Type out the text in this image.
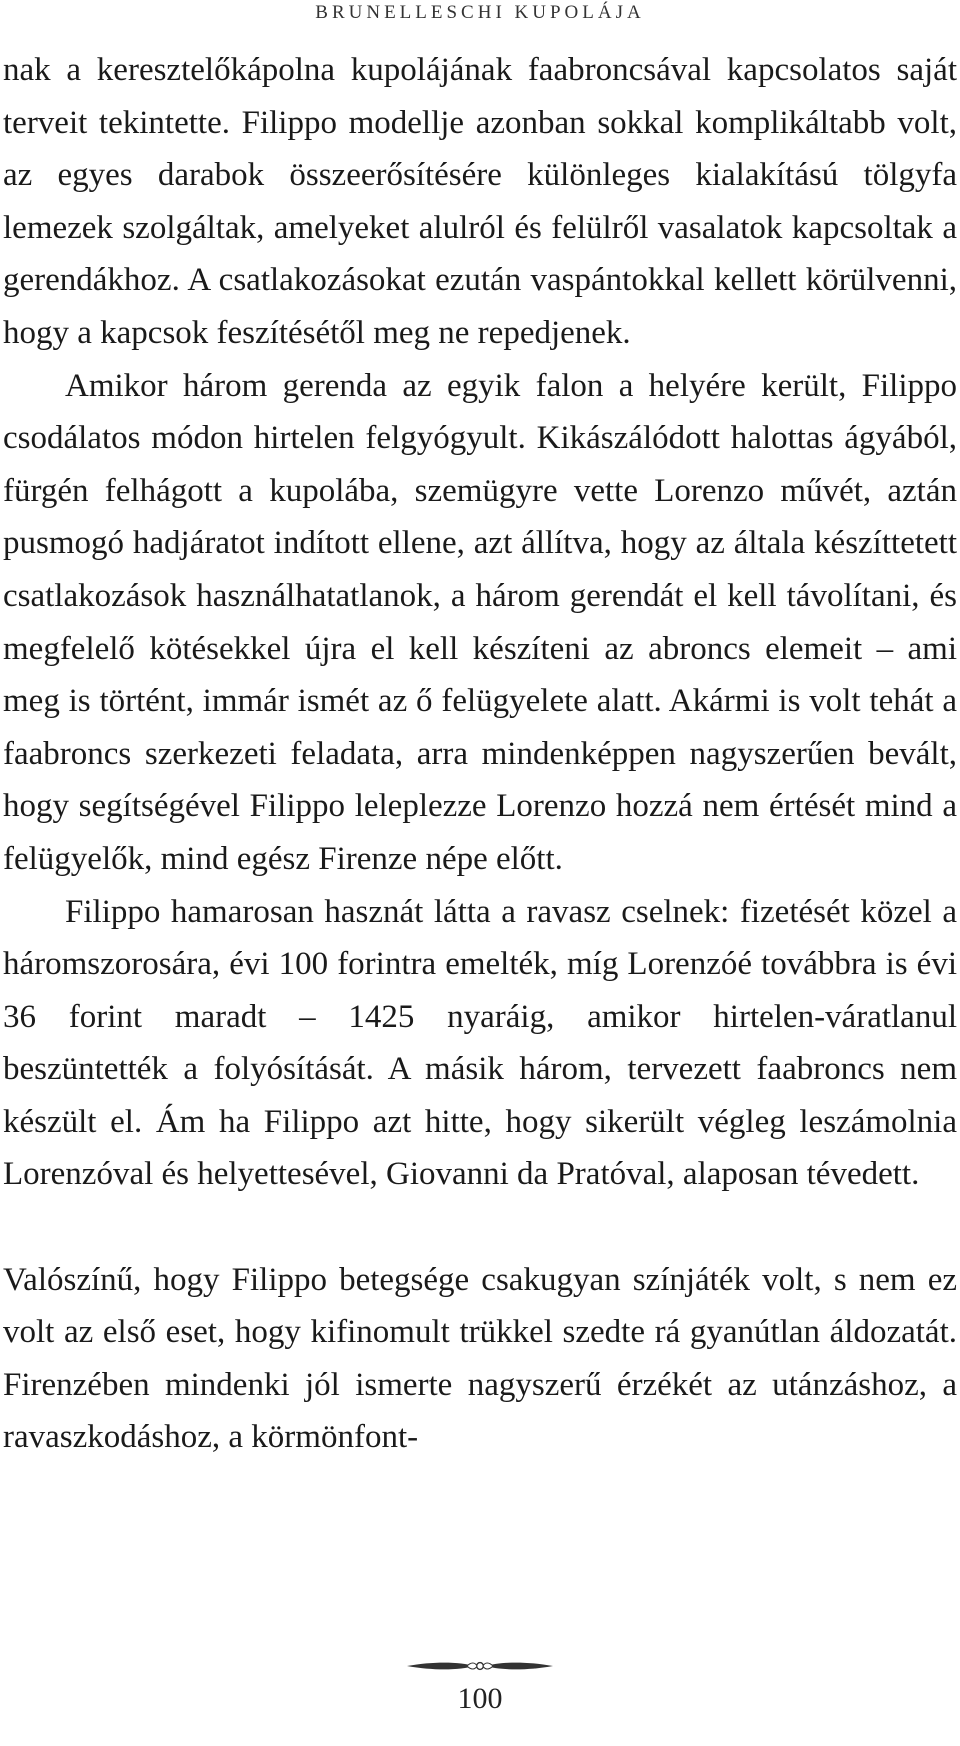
BRUNELLESCHI KUPOLÁJA

nak a keresztelőkápolna kupolájának faabroncsával kapcsolatos saját terveit tekintette. Filippo modellje azonban sokkal komplikáltabb volt, az egyes darabok összeerősítésére különleges kialakítású tölgyfa lemezek szolgáltak, amelyeket alulról és felülről vasalatok kapcsoltak a gerendákhoz. A csatlakozásokat ezután vaspántokkal kellett körülvenni, hogy a kapcsok feszítésétől meg ne repedjenek.

Amikor három gerenda az egyik falon a helyére került, Filippo csodálatos módon hirtelen felgyógyult. Kikászálódott halottas ágyából, fürgén felhágott a kupolába, szemügyre vette Lorenzo művét, aztán pusmogó hadjáratot indított ellene, azt állítva, hogy az általa készíttetett csatlakozások használhatatlanok, a három gerendát el kell távolítani, és megfelelő kötésekkel újra el kell készíteni az abroncs elemeit – ami meg is történt, immár ismét az ő felügyelete alatt. Akármi is volt tehát a faabroncs szerkezeti feladata, arra mindenképpen nagyszerűen bevált, hogy segítségével Filippo leleplezze Lorenzo hozzá nem értését mind a felügyelők, mind egész Firenze népe előtt.

Filippo hamarosan hasznát látta a ravasz cselnek: fizetését közel a háromszorosára, évi 100 forintra emelték, míg Lorenzóé továbbra is évi 36 forint maradt – 1425 nyaráig, amikor hirtelen-váratlanul beszüntették a folyósítását. A másik három, tervezett faabroncs nem készült el. Ám ha Filippo azt hitte, hogy sikerült végleg leszámolnia Lorenzóval és helyettesével, Giovanni da Pratóval, alaposan tévedett.

Valószínű, hogy Filippo betegsége csakugyan színjáték volt, s nem ez volt az első eset, hogy kifinomult trükkel szedte rá gyanútlan áldozatát. Firenzében mindenki jól ismerte nagyszerű érzékét az utánzáshoz, a ravaszkodáshoz, a körmönfont-

100
